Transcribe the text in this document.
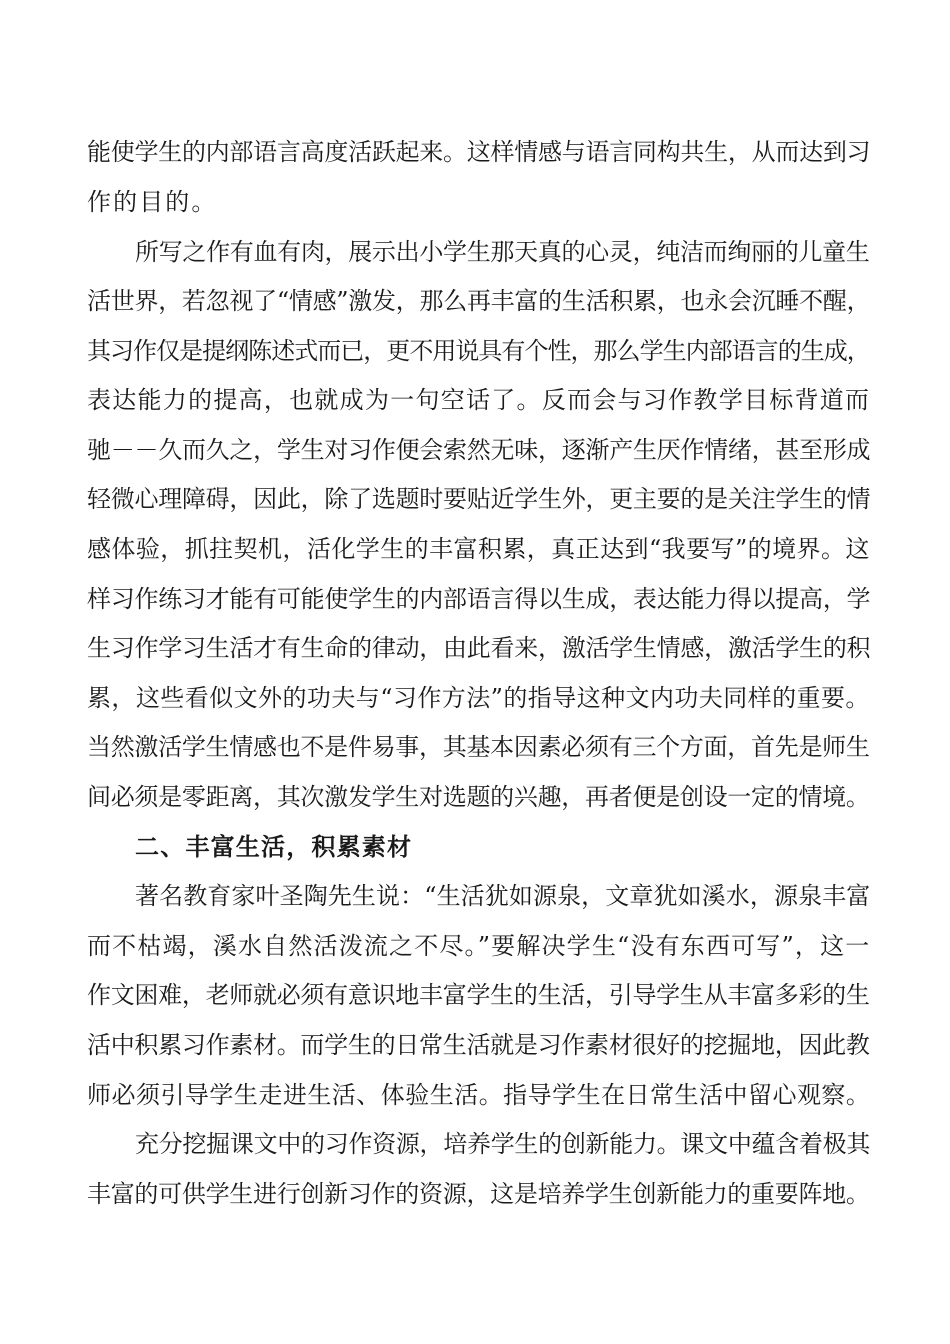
能使学生的内部语言高度活跃起来。这样情感与语言同构共生，从而达到习
作的目的。
所写之作有血有肉，展示出小学生那天真的心灵，纯洁而绚丽的儿童生
活世界，若忽视了“情感”激发，那么再丰富的生活积累，也永会沉睡不醒，
其习作仅是提纲陈述式而已，更不用说具有个性，那么学生内部语言的生成，
表达能力的提高，也就成为一句空话了。反而会与习作教学目标背道而
驰－－久而久之，学生对习作便会索然无味，逐渐产生厌作情绪，甚至形成
轻微心理障碍，因此，除了选题时要贴近学生外，更主要的是关注学生的情
感体验，抓拄契机，活化学生的丰富积累，真正达到“我要写”的境界。这
样习作练习才能有可能使学生的内部语言得以生成，表达能力得以提高，学
生习作学习生活才有生命的律动，由此看来，激活学生情感，激活学生的积
累，这些看似文外的功夫与“习作方法”的指导这种文内功夫同样的重要。
当然激活学生情感也不是件易事，其基本因素必须有三个方面，首先是师生
间必须是零距离，其次激发学生对选题的兴趣，再者便是创设一定的情境。
二、丰富生活，积累素材
著名教育家叶圣陶先生说：“生活犹如源泉，文章犹如溪水，源泉丰富
而不枯竭，溪水自然活泼流之不尽。”要解决学生“没有东西可写”，这一
作文困难，老师就必须有意识地丰富学生的生活，引导学生从丰富多彩的生
活中积累习作素材。而学生的日常生活就是习作素材很好的挖掘地，因此教
师必须引导学生走进生活、体验生活。指导学生在日常生活中留心观察。
充分挖掘课文中的习作资源，培养学生的创新能力。课文中蕴含着极其
丰富的可供学生进行创新习作的资源，这是培养学生创新能力的重要阵地。
